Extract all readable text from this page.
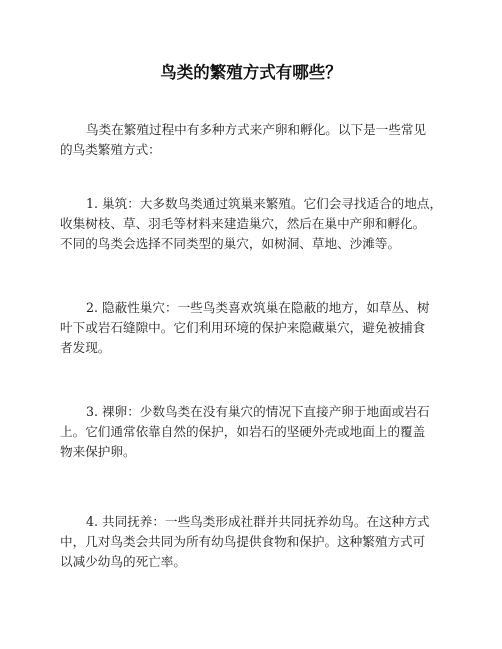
鸟类的繁殖方式有哪些？
鸟类在繁殖过程中有多种方式来产卵和孵化。以下是一些常见
的鸟类繁殖方式：
1. 巢筑：大多数鸟类通过筑巢来繁殖。它们会寻找适合的地点，
收集树枝、草、羽毛等材料来建造巢穴，然后在巢中产卵和孵化。
不同的鸟类会选择不同类型的巢穴，如树洞、草地、沙滩等。
2. 隐蔽性巢穴：一些鸟类喜欢筑巢在隐蔽的地方，如草丛、树
叶下或岩石缝隙中。它们利用环境的保护来隐藏巢穴，避免被捕食
者发现。
3. 裸卵：少数鸟类在没有巢穴的情况下直接产卵于地面或岩石
上。它们通常依靠自然的保护，如岩石的坚硬外壳或地面上的覆盖
物来保护卵。
4. 共同抚养：一些鸟类形成社群并共同抚养幼鸟。在这种方式
中，几对鸟类会共同为所有幼鸟提供食物和保护。这种繁殖方式可
以减少幼鸟的死亡率。
